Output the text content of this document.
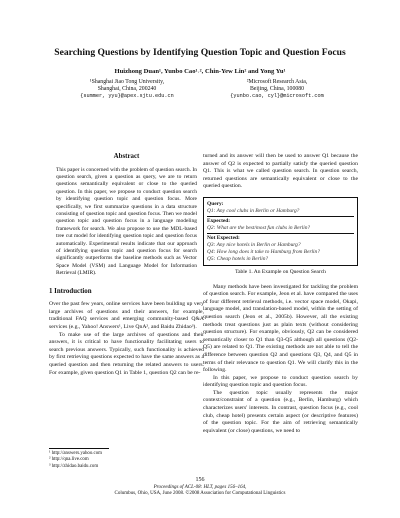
Searching Questions by Identifying Question Topic and Question Focus
Huizhong Duan¹, Yunbo Cao¹˒², Chin-Yew Lin² and Yong Yu¹
¹Shanghai Jiao Tong University,
Shanghai, China, 200240
{summer, yyu}@apex.sjtu.edu.cn
²Microsoft Research Asia,
Beijing, China, 100080
{yunbo.cao, cyl}@microsoft.com
Abstract
This paper is concerned with the problem of question search. In question search, given a question as query, we are to return questions semantically equivalent or close to the queried question. In this paper, we propose to conduct question search by identifying question topic and question focus. More specifically, we first summarize questions in a data structure consisting of question topic and question focus. Then we model question topic and question focus in a language modeling framework for search. We also propose to use the MDL-based tree cut model for identifying question topic and question focus automatically. Experimental results indicate that our approach of identifying question topic and question focus for search significantly outperforms the baseline methods such as Vector Space Model (VSM) and Language Model for Information Retrieval (LMIR).
1 Introduction
Over the past few years, online services have been building up very large archives of questions and their answers, for example, traditional FAQ services and emerging community-based Q&A services (e.g., Yahoo! Answers¹, Live QnA², and Baidu Zhidao³).
To make use of the large archives of questions and their answers, it is critical to have functionality facilitating users to search previous answers. Typically, such functionality is achieved by first retrieving questions expected to have the same answers as a queried question and then returning the related answers to users. For example, given question Q1 in Table 1, question Q2 can be re-
turned and its answer will then be used to answer Q1 because the answer of Q2 is expected to partially satisfy the queried question Q1. This is what we called question search. In question search, returned questions are semantically equivalent or close to the queried question.
Query:
Q1: Any cool clubs in Berlin or Hamburg?
Expected:
Q2: What are the best/most fun clubs in Berlin?
Not Expected:
Q3: Any nice hotels in Berlin or Hamburg?
Q4: How long does it take to Hamburg from Berlin?
Q5: Cheap hotels in Berlin?
Table 1. An Example on Question Search
Many methods have been investigated for tackling the problem of question search. For example, Jeon et al. have compared the uses of four different retrieval methods, i.e. vector space model, Okapi, language model, and translation-based model, within the setting of question search (Jeon et al., 2005b). However, all the existing methods treat questions just as plain texts (without considering question structure). For example, obviously, Q2 can be considered semantically closer to Q1 than Q3-Q5 although all questions (Q2-Q5) are related to Q1. The existing methods are not able to tell the difference between question Q2 and questions Q3, Q4, and Q5 in terms of their relevance to question Q1. We will clarify this in the following.
In this paper, we propose to conduct question search by identifying question topic and question focus.
The question topic usually represents the major context/constraint of a question (e.g., Berlin, Hamburg) which characterizes users' interests. In contrast, question focus (e.g., cool club, cheap hotel) presents certain aspect (or descriptive features) of the question topic. For the aim of retrieving semantically equivalent (or close) questions, we need to
¹ http://answers.yahoo.com
² http://qna.live.com
³ http://zhidao.baidu.com
156
Proceedings of ACL-08: HLT, pages 156–164,
Columbus, Ohio, USA, June 2008. ©2008 Association for Computational Linguistics
